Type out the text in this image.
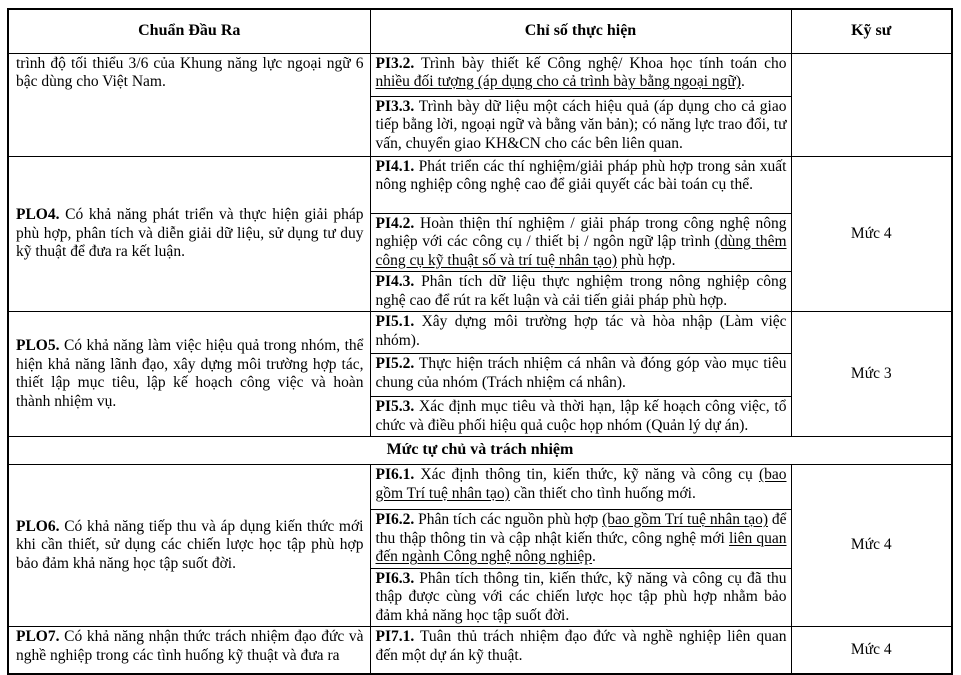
Chuẩn Đầu Ra	Chỉ số thực hiện	Kỹ sư
trình độ tối thiểu 3/6 của Khung năng lực ngoại ngữ 6 bậc dùng cho Việt Nam.	PI3.2. Trình bày thiết kế Công nghệ/ Khoa học tính toán cho nhiều đối tượng (áp dụng cho cả trình bày bằng ngoại ngữ).	
	PI3.3. Trình bày dữ liệu một cách hiệu quả (áp dụng cho cả giao tiếp bằng lời, ngoại ngữ và bằng văn bản); có năng lực trao đổi, tư vấn, chuyển giao KH&CN cho các bên liên quan.	
PLO4. Có khả năng phát triển và thực hiện giải pháp phù hợp, phân tích và diễn giải dữ liệu, sử dụng tư duy kỹ thuật để đưa ra kết luận.	PI4.1. Phát triển các thí nghiệm/giải pháp phù hợp trong sản xuất nông nghiệp công nghệ cao để giải quyết các bài toán cụ thể.	Mức 4
	PI4.2. Hoàn thiện thí nghiệm / giải pháp trong công nghệ nông nghiệp với các công cụ / thiết bị / ngôn ngữ lập trình (dùng thêm công cụ kỹ thuật số và trí tuệ nhân tạo) phù hợp.	
	PI4.3. Phân tích dữ liệu thực nghiệm trong nông nghiệp công nghệ cao để rút ra kết luận và cải tiến giải pháp phù hợp.	
PLO5. Có khả năng làm việc hiệu quả trong nhóm, thể hiện khả năng lãnh đạo, xây dựng môi trường hợp tác, thiết lập mục tiêu, lập kế hoạch công việc và hoàn thành nhiệm vụ.	PI5.1. Xây dựng môi trường hợp tác và hòa nhập (Làm việc nhóm).	Mức 3
	PI5.2. Thực hiện trách nhiệm cá nhân và đóng góp vào mục tiêu chung của nhóm (Trách nhiệm cá nhân).	
	PI5.3. Xác định mục tiêu và thời hạn, lập kế hoạch công việc, tổ chức và điều phối hiệu quả cuộc họp nhóm (Quản lý dự án).	
Mức tự chủ và trách nhiệm		
PLO6. Có khả năng tiếp thu và áp dụng kiến thức mới khi cần thiết, sử dụng các chiến lược học tập phù hợp bảo đảm khả năng học tập suốt đời.	PI6.1. Xác định thông tin, kiến thức, kỹ năng và công cụ (bao gồm Trí tuệ nhân tạo) cần thiết cho tình huống mới.	Mức 4
	PI6.2. Phân tích các nguồn phù hợp (bao gồm Trí tuệ nhân tạo) để thu thập thông tin và cập nhật kiến thức, công nghệ mới liên quan đến ngành Công nghệ nông nghiệp.	
	PI6.3. Phân tích thông tin, kiến thức, kỹ năng và công cụ đã thu thập được cùng với các chiến lược học tập phù hợp nhằm bảo đảm khả năng học tập suốt đời.	
PLO7. Có khả năng nhận thức trách nhiệm đạo đức và nghề nghiệp trong các tình huống kỹ thuật và đưa ra	PI7.1. Tuân thủ trách nhiệm đạo đức và nghề nghiệp liên quan đến một dự án kỹ thuật.	Mức 4
